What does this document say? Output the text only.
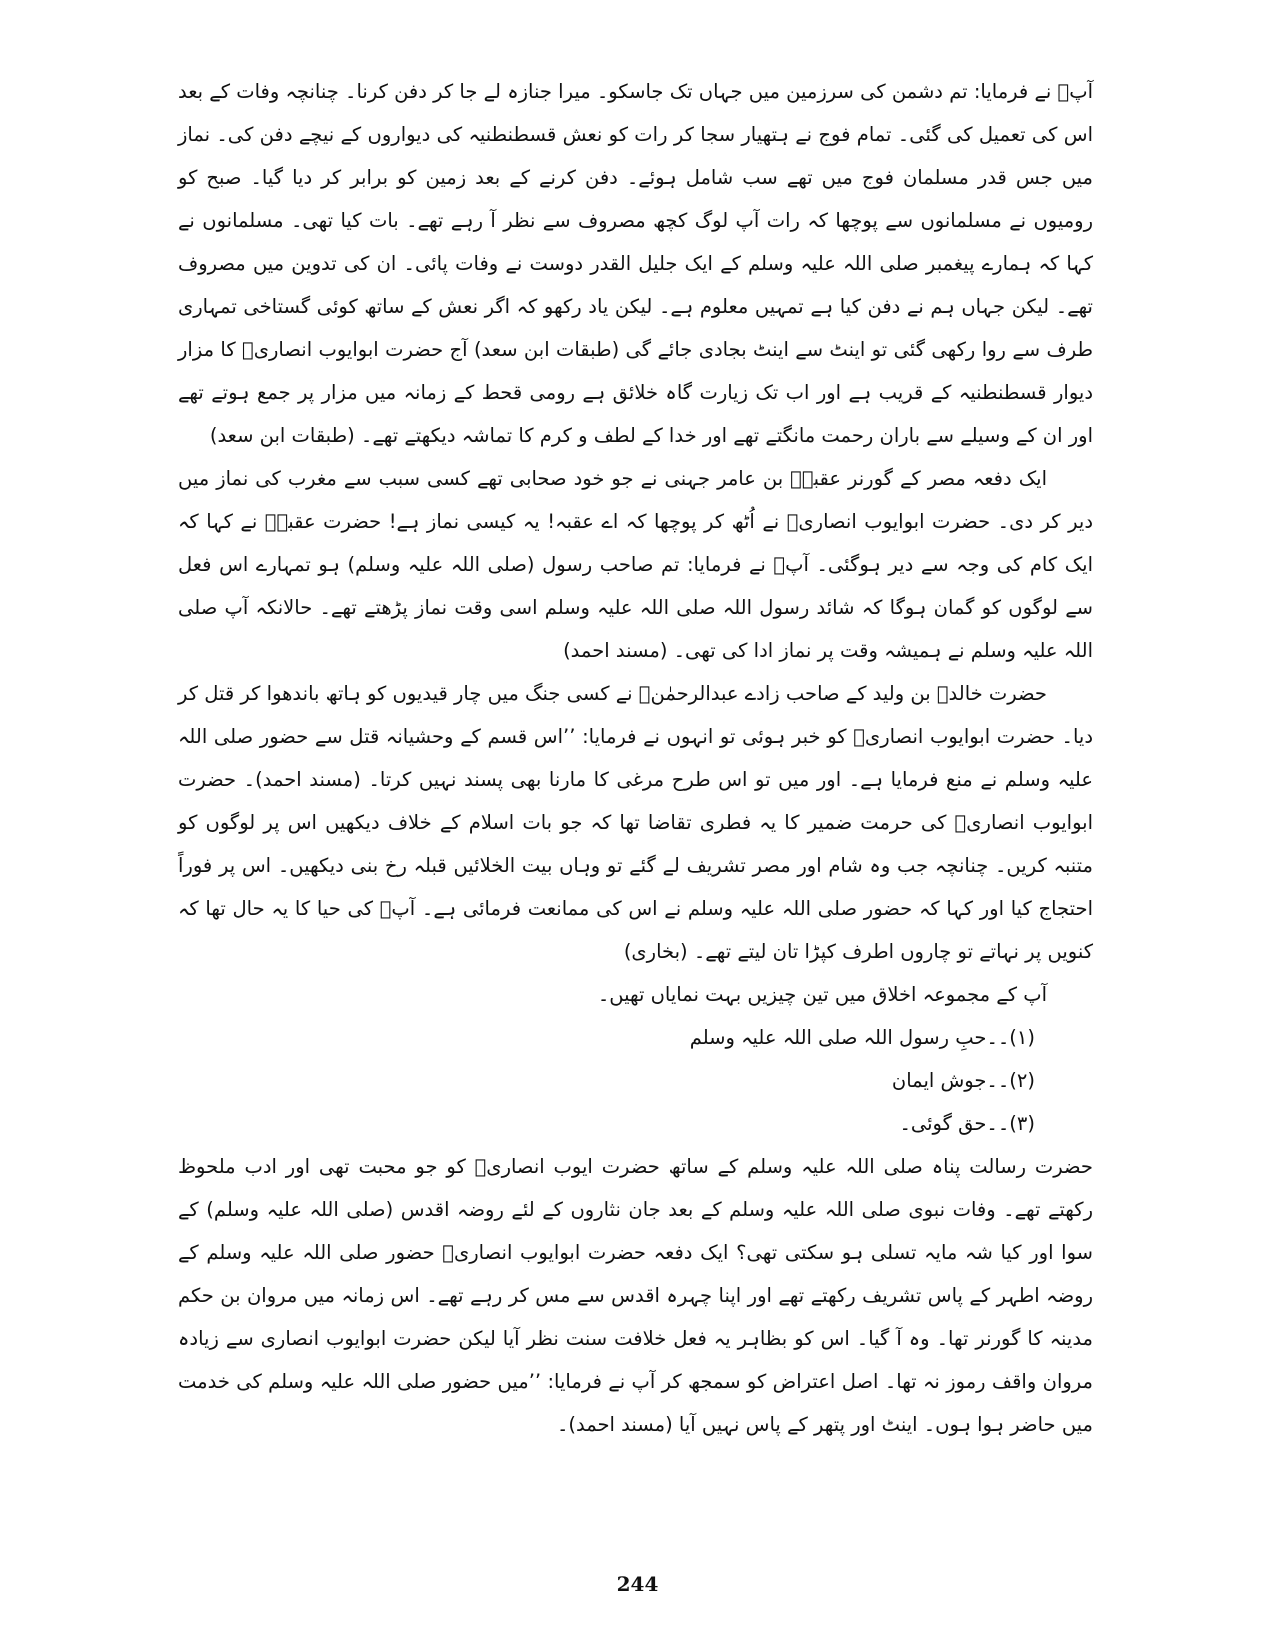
آپؓ نے فرمایا: تم دشمن کی سرزمین میں جہاں تک جاسکو۔ میرا جنازہ لے جا کر دفن کرنا۔ چنانچہ وفات کے بعد اس کی تعمیل کی گئی۔ تمام فوج نے ہتھیار سجا کر رات کو نعش قسطنطنیہ کی دیواروں کے نیچے دفن کی۔ نماز میں جس قدر مسلمان فوج میں تھے سب شامل ہوئے۔ دفن کرنے کے بعد زمین کو برابر کر دیا گیا۔ صبح کو رومیوں نے مسلمانوں سے پوچھا کہ رات آپ لوگ کچھ مصروف سے نظر آ رہے تھے۔ بات کیا تھی۔ مسلمانوں نے کہا کہ ہمارے پیغمبر صلی اللہ علیہ وسلم کے ایک جلیل القدر دوست نے وفات پائی۔ ان کی تدوین میں مصروف تھے۔ لیکن جہاں ہم نے دفن کیا ہے تمہیں معلوم ہے۔ لیکن یاد رکھو کہ اگر نعش کے ساتھ کوئی گستاخی تمہاری طرف سے روا رکھی گئی تو اینٹ سے اینٹ بجادی جائے گی (طبقات ابن سعد) آج حضرت ابوایوب انصاریؓ کا مزار دیوار قسطنطنیہ کے قریب ہے اور اب تک زیارت گاہ خلائق ہے رومی قحط کے زمانہ میں مزار پر جمع ہوتے تھے اور ان کے وسیلے سے باران رحمت مانگتے تھے اور خدا کے لطف و کرم کا تماشہ دیکھتے تھے۔ (طبقات ابن سعد)

ایک دفعہ مصر کے گورنر عقبہؓ بن عامر جہنی نے جو خود صحابی تھے کسی سبب سے مغرب کی نماز میں دیر کر دی۔ حضرت ابوایوب انصاریؓ نے اُٹھ کر پوچھا کہ اے عقبہ! یہ کیسی نماز ہے! حضرت عقبہؓ نے کہا کہ ایک کام کی وجہ سے دیر ہوگئی۔ آپؓ نے فرمایا: تم صاحب رسول (صلی اللہ علیہ وسلم) ہو تمہارے اس فعل سے لوگوں کو گمان ہوگا کہ شائد رسول اللہ صلی اللہ علیہ وسلم اسی وقت نماز پڑھتے تھے۔ حالانکہ آپ صلی اللہ علیہ وسلم نے ہمیشہ وقت پر نماز ادا کی تھی۔ (مسند احمد)

حضرت خالدؓ بن ولید کے صاحب زادے عبدالرحمٰنؒ نے کسی جنگ میں چار قیدیوں کو ہاتھ باندھوا کر قتل کر دیا۔ حضرت ابوایوب انصاریؓ کو خبر ہوئی تو انہوں نے فرمایا: ’’اس قسم کے وحشیانہ قتل سے حضور صلی اللہ علیہ وسلم نے منع فرمایا ہے۔ اور میں تو اس طرح مرغی کا مارنا بھی پسند نہیں کرتا۔ (مسند احمد)۔ حضرت ابوایوب انصاریؓ کی حرمت ضمیر کا یہ فطری تقاضا تھا کہ جو بات اسلام کے خلاف دیکھیں اس پر لوگوں کو متنبہ کریں۔ چنانچہ جب وہ شام اور مصر تشریف لے گئے تو وہاں بیت الخلائیں قبلہ رخ بنی دیکھیں۔ اس پر فوراً احتجاج کیا اور کہا کہ حضور صلی اللہ علیہ وسلم نے اس کی ممانعت فرمائی ہے۔ آپؓ کی حیا کا یہ حال تھا کہ کنویں پر نہاتے تو چاروں اطرف کپڑا تان لیتے تھے۔ (بخاری)

آپ کے مجموعہ اخلاق میں تین چیزیں بہت نمایاں تھیں۔

(۱)۔۔حبِ رسول اللہ صلی اللہ علیہ وسلم

(۲)۔۔جوش ایمان

(۳)۔۔حق گوئی۔

حضرت رسالت پناہ صلی اللہ علیہ وسلم کے ساتھ حضرت ایوب انصاریؓ کو جو محبت تھی اور ادب ملحوظ رکھتے تھے۔ وفات نبوی صلی اللہ علیہ وسلم کے بعد جان نثاروں کے لئے روضہ اقدس (صلی اللہ علیہ وسلم) کے سوا اور کیا شہ مایہ تسلی ہو سکتی تھی؟ ایک دفعہ حضرت ابوایوب انصاریؓ حضور صلی اللہ علیہ وسلم کے روضہ اطہر کے پاس تشریف رکھتے تھے اور اپنا چہرہ اقدس سے مس کر رہے تھے۔ اس زمانہ میں مروان بن حکم مدینہ کا گورنر تھا۔ وہ آ گیا۔ اس کو بظاہر یہ فعل خلافت سنت نظر آیا لیکن حضرت ابوایوب انصاری سے زیادہ مروان واقف رموز نہ تھا۔ اصل اعتراض کو سمجھ کر آپ نے فرمایا: ’’میں حضور صلی اللہ علیہ وسلم کی خدمت میں حاضر ہوا ہوں۔ اینٹ اور پتھر کے پاس نہیں آیا (مسند احمد)۔

244
